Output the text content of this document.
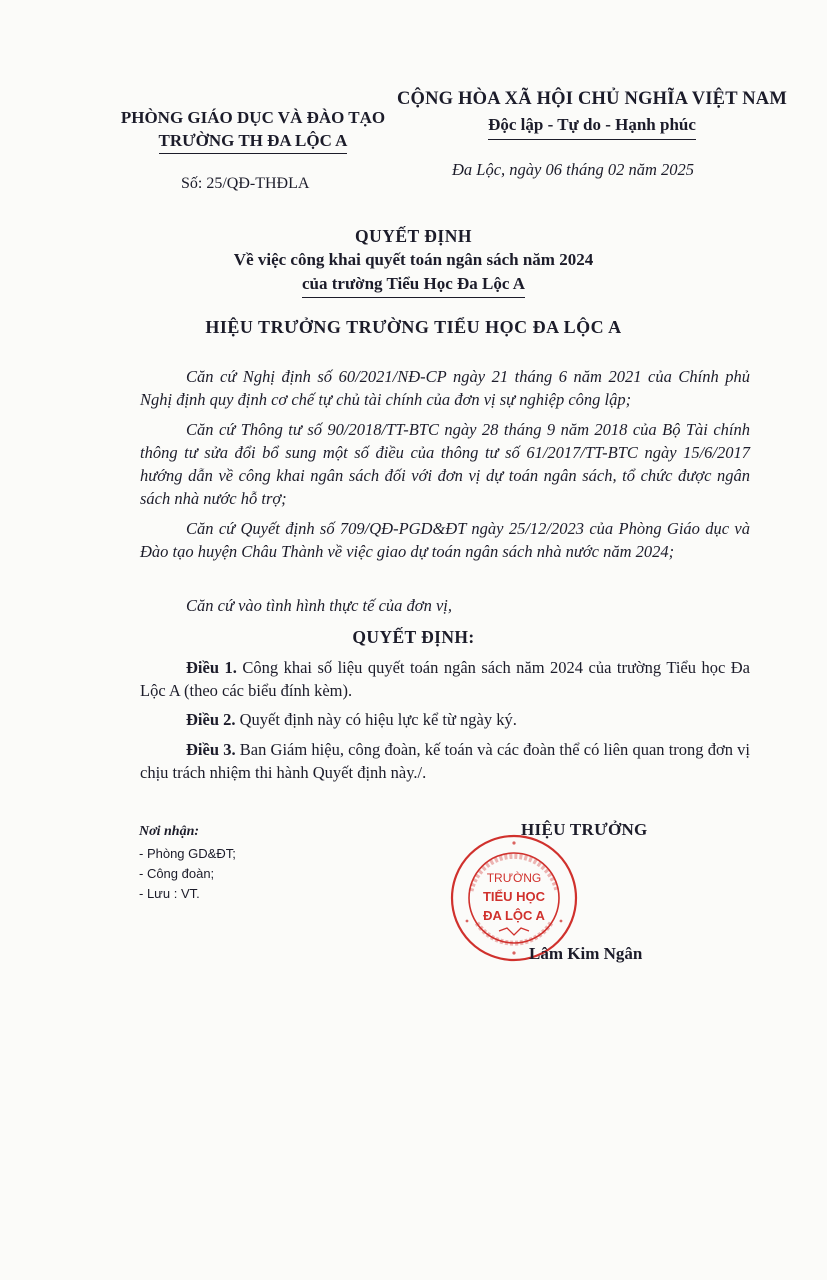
PHÒNG GIÁO DỤC VÀ ĐÀO TẠO
TRƯỜNG TH ĐA LỘC A
CỘNG HÒA XÃ HỘI CHỦ NGHĨA VIỆT NAM
Độc lập - Tự do - Hạnh phúc
Số: 25/QĐ-THĐLA
Đa Lộc, ngày 06 tháng 02 năm 2025
QUYẾT ĐỊNH
Về việc công khai quyết toán ngân sách năm 2024
của trường Tiểu Học Đa Lộc A
HIỆU TRƯỞNG TRƯỜNG TIỂU HỌC ĐA LỘC A
Căn cứ Nghị định số 60/2021/NĐ-CP ngày 21 tháng 6 năm 2021 của Chính phủ Nghị định quy định cơ chế tự chủ tài chính của đơn vị sự nghiệp công lập;
Căn cứ Thông tư số 90/2018/TT-BTC ngày 28 tháng 9 năm 2018 của Bộ Tài chính thông tư sửa đổi bổ sung một số điều của thông tư số 61/2017/TT-BTC ngày 15/6/2017 hướng dẫn về công khai ngân sách đối với đơn vị dự toán ngân sách, tổ chức được ngân sách nhà nước hỗ trợ;
Căn cứ Quyết định số 709/QĐ-PGD&ĐT ngày 25/12/2023 của Phòng Giáo dục và Đào tạo huyện Châu Thành về việc giao dự toán ngân sách nhà nước năm 2024;
Căn cứ vào tình hình thực tế của đơn vị,
QUYẾT ĐỊNH:
Điều 1. Công khai số liệu quyết toán ngân sách năm 2024 của trường Tiểu học Đa Lộc A (theo các biểu đính kèm).
Điều 2. Quyết định này có hiệu lực kể từ ngày ký.
Điều 3. Ban Giám hiệu, công đoàn, kế toán và các đoàn thể có liên quan trong đơn vị chịu trách nhiệm thi hành Quyết định này./.
Nơi nhận:
- Phòng GD&ĐT;
- Công đoàn;
- Lưu : VT.
HIỆU TRƯỞNG
TRƯỜNG
TIỂU HỌC
ĐA LỘC A
Lâm Kim Ngân
